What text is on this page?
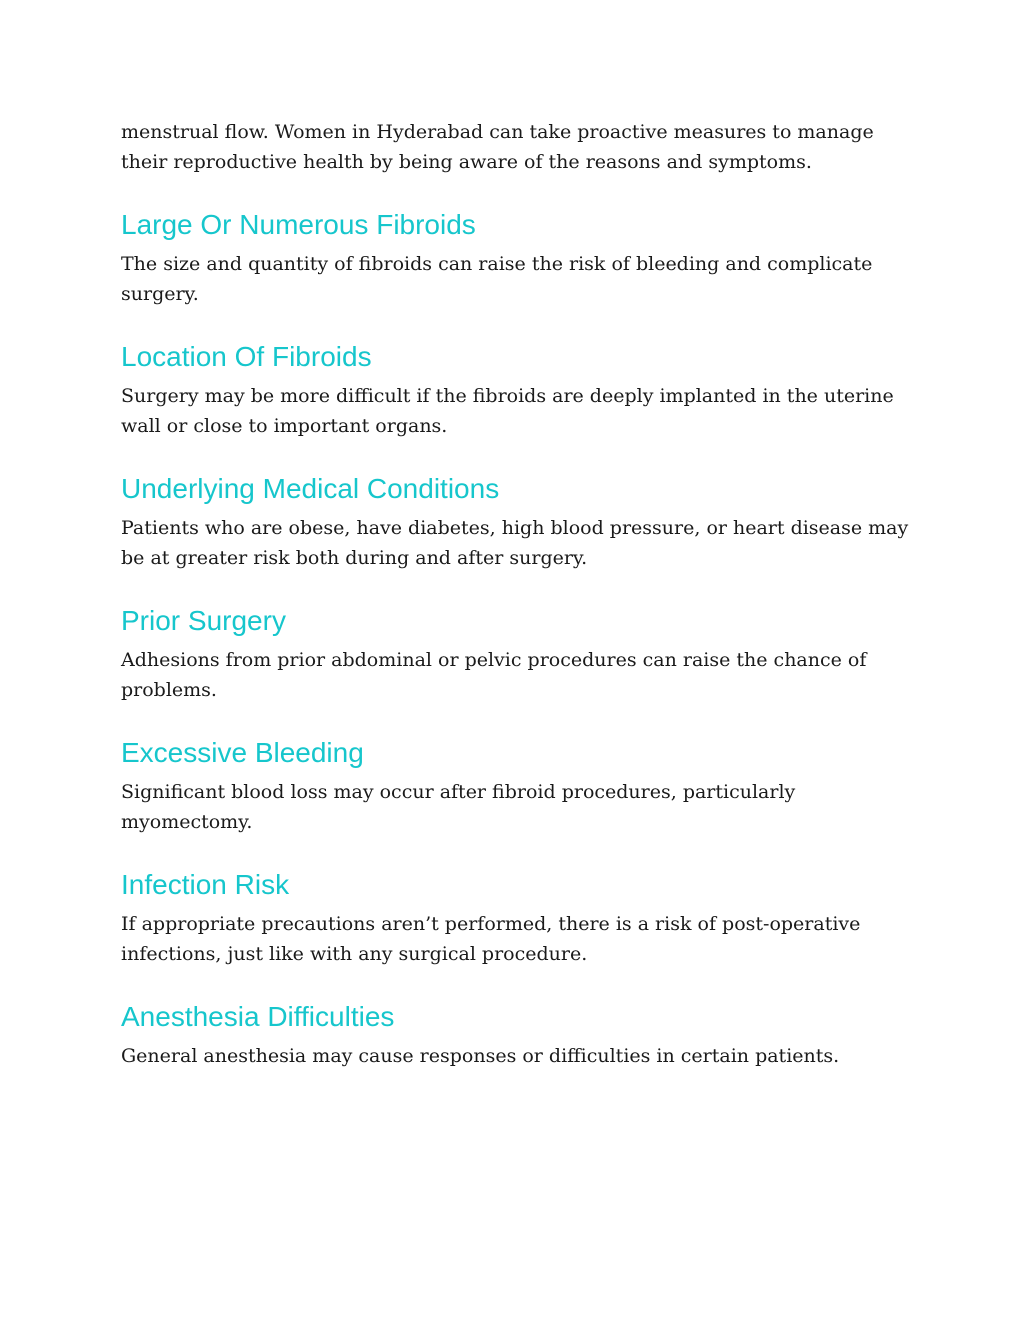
menstrual flow. Women in Hyderabad can take proactive measures to manage their reproductive health by being aware of the reasons and symptoms.

Large Or Numerous Fibroids

The size and quantity of fibroids can raise the risk of bleeding and complicate surgery.

Location Of Fibroids

Surgery may be more difficult if the fibroids are deeply implanted in the uterine wall or close to important organs.

Underlying Medical Conditions

Patients who are obese, have diabetes, high blood pressure, or heart disease may be at greater risk both during and after surgery.

Prior Surgery

Adhesions from prior abdominal or pelvic procedures can raise the chance of problems.

Excessive Bleeding

Significant blood loss may occur after fibroid procedures, particularly myomectomy.

Infection Risk

If appropriate precautions aren’t performed, there is a risk of post-operative infections, just like with any surgical procedure.

Anesthesia Difficulties

General anesthesia may cause responses or difficulties in certain patients.
